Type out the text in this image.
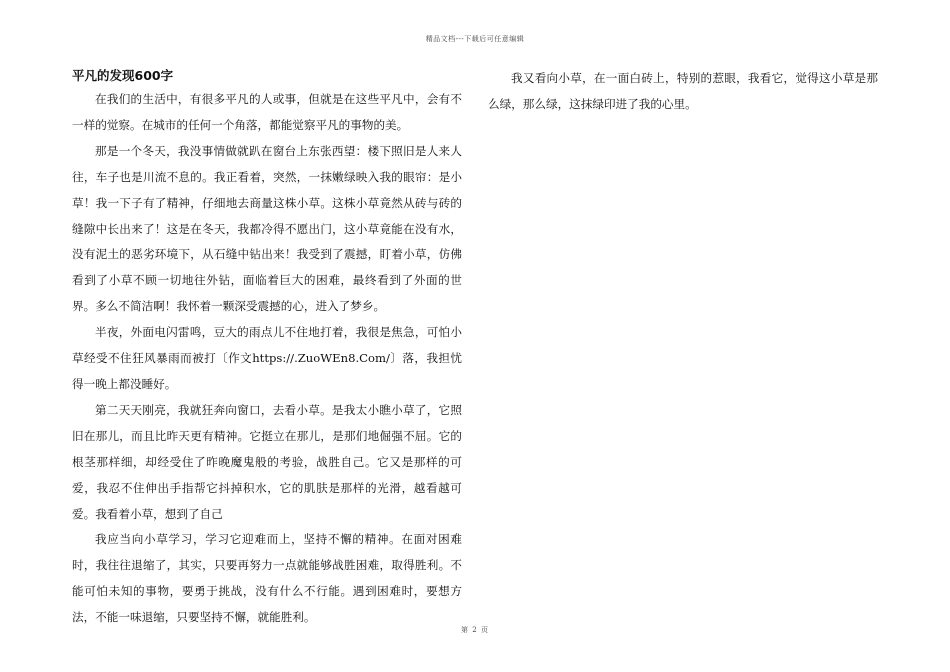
精品文档---下载后可任意编辑
平凡的发现600字

在我们的生活中，有很多平凡的人或事，但就是在这些平凡中，会有不一样的觉察。在城市的任何一个角落，都能觉察平凡的事物的美。

那是一个冬天，我没事情做就趴在窗台上东张西望：楼下照旧是人来人往，车子也是川流不息的。我正看着，突然，一抹嫩绿映入我的眼帘：是小草！我一下子有了精神，仔细地去商量这株小草。这株小草竟然从砖与砖的缝隙中长出来了！这是在冬天，我都冷得不愿出门，这小草竟能在没有水，没有泥土的恶劣环境下，从石缝中钻出来！我受到了震撼，盯着小草，仿佛看到了小草不顾一切地往外钻，面临着巨大的困难，最终看到了外面的世界。多么不简洁啊！我怀着一颗深受震撼的心，进入了梦乡。

半夜，外面电闪雷鸣，豆大的雨点儿不住地打着，我很是焦急，可怕小草经受不住狂风暴雨而被打〔作文https://.ZuoWEn8.Com/〕落，我担忧得一晚上都没睡好。

第二天天刚亮，我就狂奔向窗口，去看小草。是我太小瞧小草了，它照旧在那儿，而且比昨天更有精神。它挺立在那儿，是那们地倔强不屈。它的根茎那样细，却经受住了昨晚魔鬼般的考验，战胜自己。它又是那样的可爱，我忍不住伸出手指帮它抖掉积水，它的肌肤是那样的光滑，越看越可爱。我看着小草，想到了自己

我应当向小草学习，学习它迎难而上，坚持不懈的精神。在面对困难时，我往往退缩了，其实，只要再努力一点就能够战胜困难，取得胜利。不能可怕未知的事物，要勇于挑战，没有什么不行能。遇到困难时，要想方法，不能一味退缩，只要坚持不懈，就能胜利。

我又看向小草，在一面白砖上，特别的惹眼，我看它，觉得这小草是那么绿，那么绿，这抹绿印进了我的心里。

第 2 页
